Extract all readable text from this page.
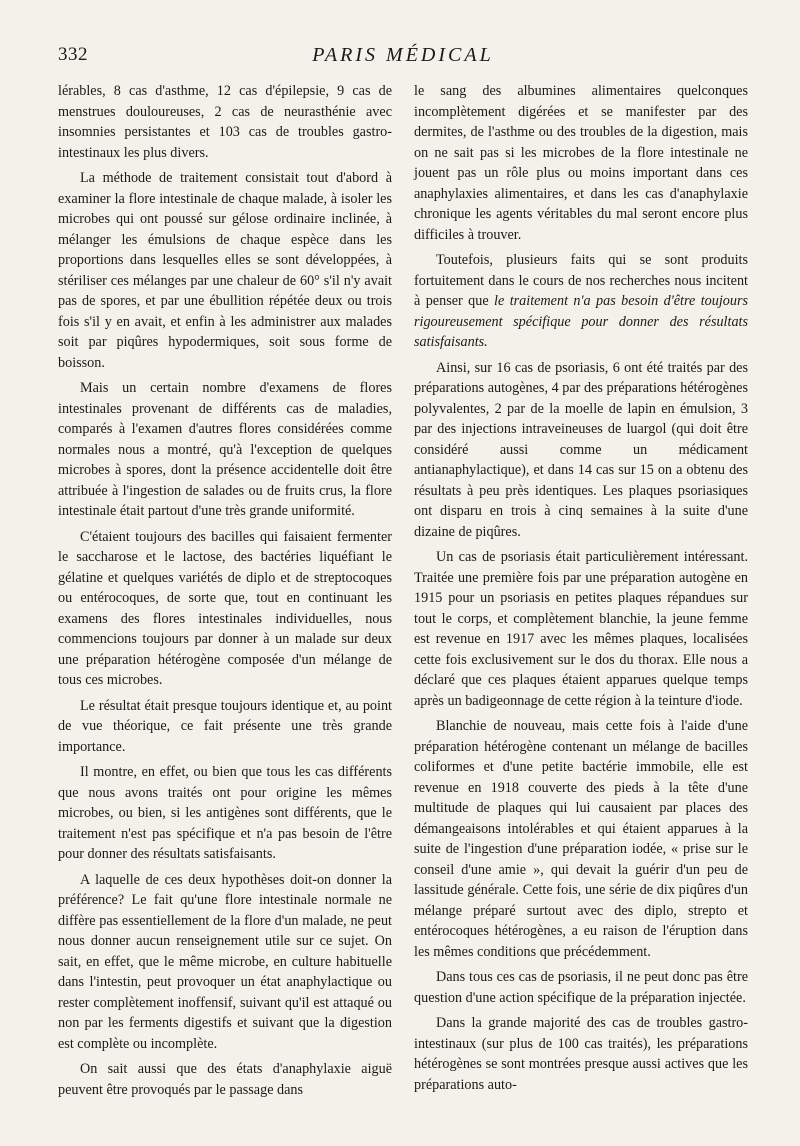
332	PARIS MÉDICAL

lérables, 8 cas d'asthme, 12 cas d'épilepsie, 9 cas de menstrues douloureuses, 2 cas de neurasthénie avec insomnies persistantes et 103 cas de troubles gastro-intestinaux les plus divers.

La méthode de traitement consistait tout d'abord à examiner la flore intestinale de chaque malade, à isoler les microbes qui ont poussé sur gélose ordinaire inclinée, à mélanger les émulsions de chaque espèce dans les proportions dans lesquelles elles se sont développées, à stériliser ces mélanges par une chaleur de 60° s'il n'y avait pas de spores, et par une ébullition répétée deux ou trois fois s'il y en avait, et enfin à les administrer aux malades soit par piqûres hypodermiques, soit sous forme de boisson.

Mais un certain nombre d'examens de flores intestinales provenant de différents cas de maladies, comparés à l'examen d'autres flores considérées comme normales nous a montré, qu'à l'exception de quelques microbes à spores, dont la présence accidentelle doit être attribuée à l'ingestion de salades ou de fruits crus, la flore intestinale était partout d'une très grande uniformité.

C'étaient toujours des bacilles qui faisaient fermenter le saccharose et le lactose, des bactéries liquéfiant le gélatine et quelques variétés de diplo et de streptocoques ou entérocoques, de sorte que, tout en continuant les examens des flores intestinales individuelles, nous commencions toujours par donner à un malade sur deux une préparation hétérogène composée d'un mélange de tous ces microbes.

Le résultat était presque toujours identique et, au point de vue théorique, ce fait présente une très grande importance.

Il montre, en effet, ou bien que tous les cas différents que nous avons traités ont pour origine les mêmes microbes, ou bien, si les antigènes sont différents, que le traitement n'est pas spécifique et n'a pas besoin de l'être pour donner des résultats satisfaisants.

A laquelle de ces deux hypothèses doit-on donner la préférence? Le fait qu'une flore intestinale normale ne diffère pas essentiellement de la flore d'un malade, ne peut nous donner aucun renseignement utile sur ce sujet. On sait, en effet, que le même microbe, en culture habituelle dans l'intestin, peut provoquer un état anaphylactique ou rester complètement inoffensif, suivant qu'il est attaqué ou non par les ferments digestifs et suivant que la digestion est complète ou incomplète.

On sait aussi que des états d'anaphylaxie aiguë peuvent être provoqués par le passage dans

le sang des albumines alimentaires quelconques incomplètement digérées et se manifester par des dermites, de l'asthme ou des troubles de la digestion, mais on ne sait pas si les microbes de la flore intestinale ne jouent pas un rôle plus ou moins important dans ces anaphylaxies alimentaires, et dans les cas d'anaphylaxie chronique les agents véritables du mal seront encore plus difficiles à trouver.

Toutefois, plusieurs faits qui se sont produits fortuitement dans le cours de nos recherches nous incitent à penser que le traitement n'a pas besoin d'être toujours rigoureusement spécifique pour donner des résultats satisfaisants.

Ainsi, sur 16 cas de psoriasis, 6 ont été traités par des préparations autogènes, 4 par des préparations hétérogènes polyvalentes, 2 par de la moelle de lapin en émulsion, 3 par des injections intraveineuses de luargol (qui doit être considéré aussi comme un médicament antianaphylactique), et dans 14 cas sur 15 on a obtenu des résultats à peu près identiques. Les plaques psoriasiques ont disparu en trois à cinq semaines à la suite d'une dizaine de piqûres.

Un cas de psoriasis était particulièrement intéressant. Traitée une première fois par une préparation autogène en 1915 pour un psoriasis en petites plaques répandues sur tout le corps, et complètement blanchie, la jeune femme est revenue en 1917 avec les mêmes plaques, localisées cette fois exclusivement sur le dos du thorax. Elle nous a déclaré que ces plaques étaient apparues quelque temps après un badigeonnage de cette région à la teinture d'iode.

Blanchie de nouveau, mais cette fois à l'aide d'une préparation hétérogène contenant un mélange de bacilles coliformes et d'une petite bactérie immobile, elle est revenue en 1918 couverte des pieds à la tête d'une multitude de plaques qui lui causaient par places des démangeaisons intolérables et qui étaient apparues à la suite de l'ingestion d'une préparation iodée, « prise sur le conseil d'une amie », qui devait la guérir d'un peu de lassitude générale. Cette fois, une série de dix piqûres d'un mélange préparé surtout avec des diplo, strepto et entérocoques hétérogènes, a eu raison de l'éruption dans les mêmes conditions que précédemment.

Dans tous ces cas de psoriasis, il ne peut donc pas être question d'une action spécifique de la préparation injectée.

Dans la grande majorité des cas de troubles gastro-intestinaux (sur plus de 100 cas traités), les préparations hétérogènes se sont montrées presque aussi actives que les préparations auto-
